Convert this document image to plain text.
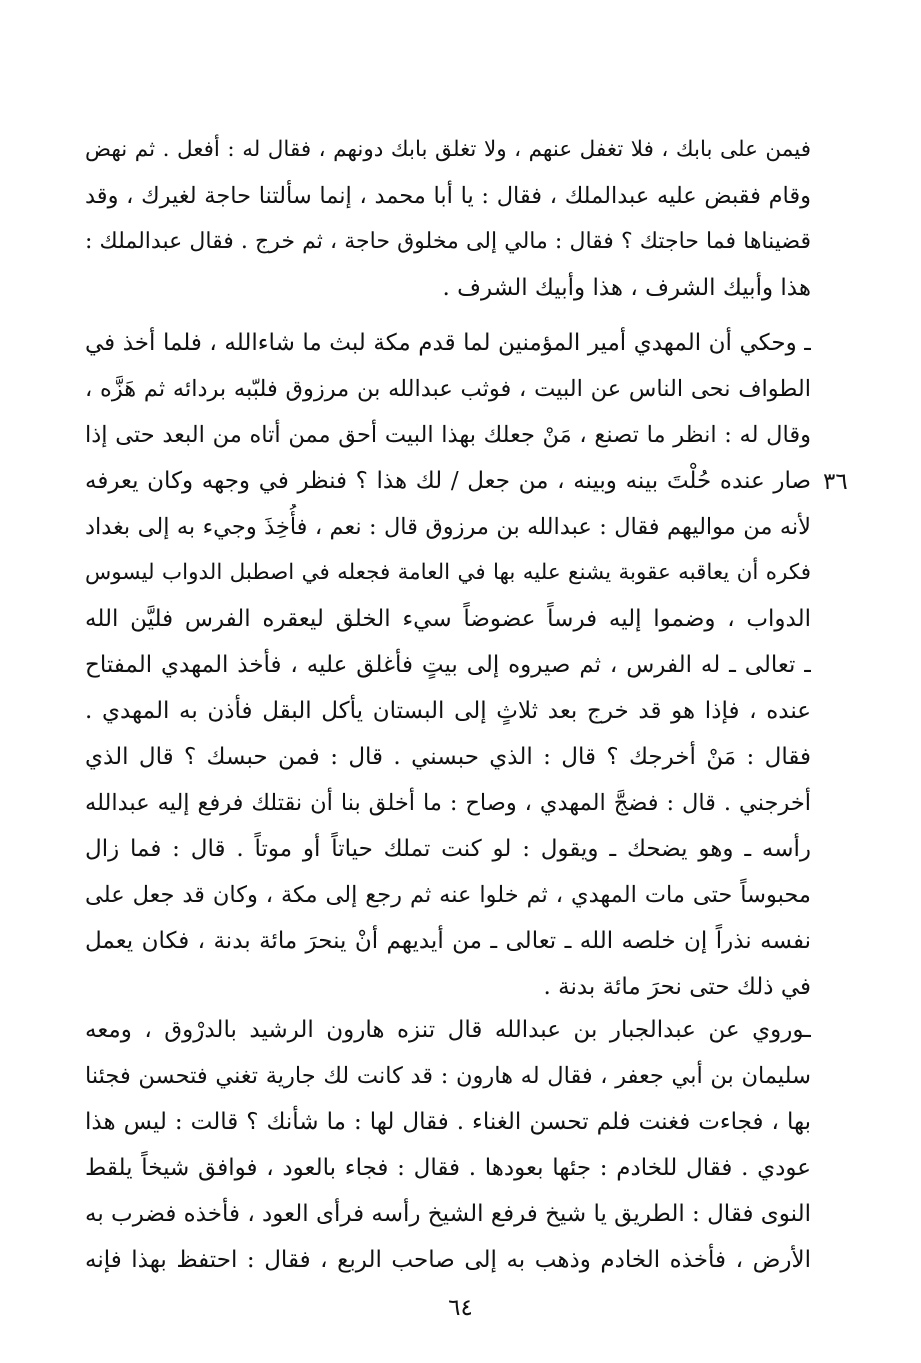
فيمن على بابك ، فلا تغفل عنهم ، ولا تغلق بابك دونهم ، فقال له : أفعل . ثم نهض
وقام فقبض عليه عبدالملك ، فقال : يا أبا محمد ، إنما سألتنا حاجة لغيرك ، وقد
قضيناها فما حاجتك ؟ فقال : مالي إلى مخلوق حاجة ، ثم خرج . فقال عبدالملك :
هذا وأبيك الشرف ، هذا وأبيك الشرف .
ـ وحكي أن المهدي أمير المؤمنين لما قدم مكة لبث ما شاءالله ، فلما أخذ في
الطواف نحى الناس عن البيت ، فوثب عبدالله بن مرزوق فلبّبه بردائه ثم هَزَّه ،
وقال له : انظر ما تصنع ، مَنْ جعلك بهذا البيت أحق ممن أتاه من البعد حتى إذا
صار عنده حُلْتَ بينه وبينه ، من جعل / لك هذا ؟ فنظر في وجهه وكان يعرفه
لأنه من مواليهم فقال : عبدالله بن مرزوق قال : نعم ، فأُخِذَ وجيء به إلى بغداد
فكره أن يعاقبه عقوبة يشنع عليه بها في العامة فجعله في اصطبل الدواب ليسوس
الدواب ، وضموا إليه فرساً عضوضاً سيء الخلق ليعقره الفرس فليَّن الله
ـ تعالى ـ له الفرس ، ثم صيروه إلى بيتٍ فأغلق عليه ، فأخذ المهدي المفتاح
عنده ، فإذا هو قد خرج بعد ثلاثٍ إلى البستان يأكل البقل فأذن به المهدي .
فقال : مَنْ أخرجك ؟ قال : الذي حبسني . قال : فمن حبسك ؟ قال الذي
أخرجني . قال : فضجَّ المهدي ، وصاح : ما أخلق بنا أن نقتلك فرفع إليه عبدالله
رأسه ـ وهو يضحك ـ ويقول : لو كنت تملك حياتاً أو موتاً . قال : فما زال
محبوساً حتى مات المهدي ، ثم خلوا عنه ثم رجع إلى مكة ، وكان قد جعل على
نفسه نذراً إن خلصه الله ـ تعالى ـ من أيديهم أنْ ينحرَ مائة بدنة ، فكان يعمل
في ذلك حتى نحرَ مائة بدنة .
٣٦
ـوروي عن عبدالجبار بن عبدالله قال تنزه هارون الرشيد بالدرْوق ، ومعه
سليمان بن أبي جعفر ، فقال له هارون : قد كانت لك جارية تغني فتحسن فجئنا
بها ، فجاءت فغنت فلم تحسن الغناء . فقال لها : ما شأنك ؟ قالت : ليس هذا
عودي . فقال للخادم : جئها بعودها . فقال : فجاء بالعود ، فوافق شيخاً يلقط
النوى فقال : الطريق يا شيخ فرفع الشيخ رأسه فرأى العود ، فأخذه فضرب به
الأرض ، فأخذه الخادم وذهب به إلى صاحب الربع ، فقال : احتفظ بهذا فإنه
٦٤
